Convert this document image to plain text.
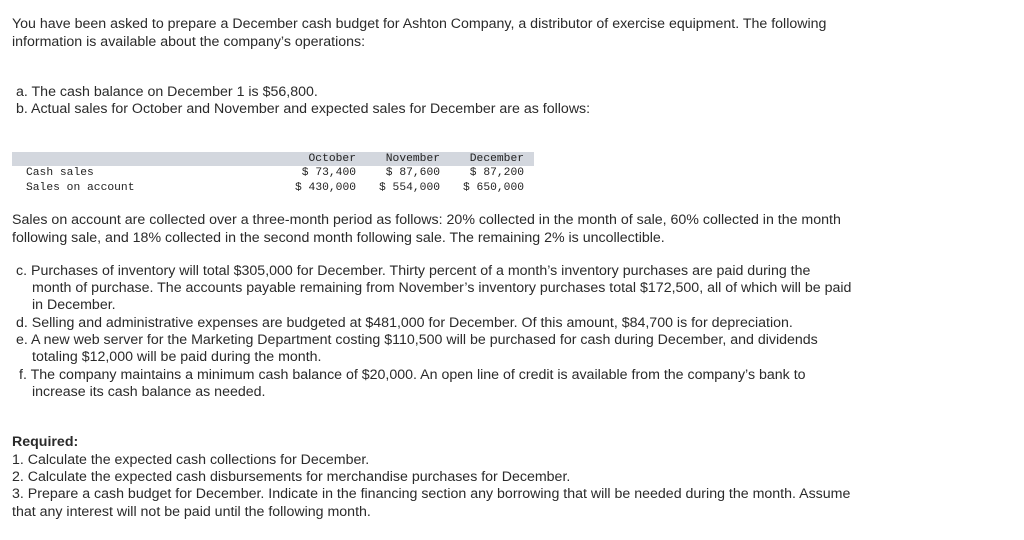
You have been asked to prepare a December cash budget for Ashton Company, a distributor of exercise equipment. The following
information is available about the company’s operations:
a. The cash balance on December 1 is $56,800.
b. Actual sales for October and November and expected sales for December are as follows:
October	November	December
Cash sales	$ 73,400	$ 87,600	$ 87,200
Sales on account	$ 430,000 $ 554,000 $ 650,000
Sales on account are collected over a three-month period as follows: 20% collected in the month of sale, 60% collected in the month
following sale, and 18% collected in the second month following sale. The remaining 2% is uncollectible.
c. Purchases of inventory will total $305,000 for December. Thirty percent of a month’s inventory purchases are paid during the
month of purchase. The accounts payable remaining from November’s inventory purchases total $172,500, all of which will be paid
in December.
d. Selling and administrative expenses are budgeted at $481,000 for December. Of this amount, $84,700 is for depreciation.
e. A new web server for the Marketing Department costing $110,500 will be purchased for cash during December, and dividends
totaling $12,000 will be paid during the month.
f. The company maintains a minimum cash balance of $20,000. An open line of credit is available from the company’s bank to
increase its cash balance as needed.
Required:
1. Calculate the expected cash collections for December.
2. Calculate the expected cash disbursements for merchandise purchases for December.
3. Prepare a cash budget for December. Indicate in the financing section any borrowing that will be needed during the month. Assume
that any interest will not be paid until the following month.
